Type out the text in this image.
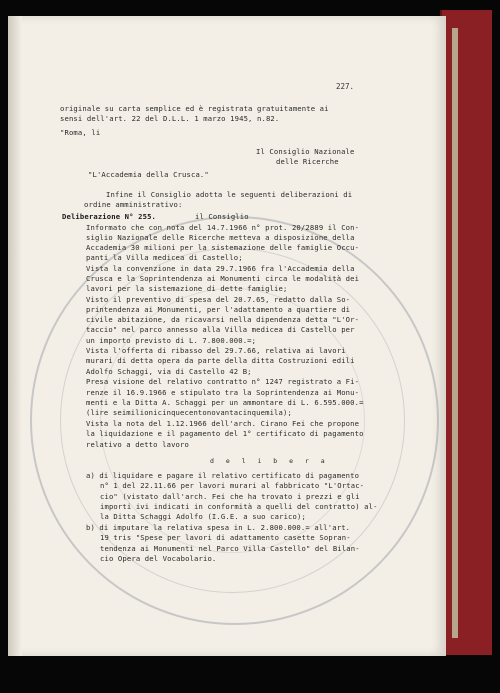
227.
originale su carta semplice ed è registrata gratuitamente ai
sensi dell'art. 22 del D.L.L. 1 marzo 1945, n.82.
"Roma, li
Il Consiglio Nazionale
delle Ricerche
"L'Accademia della Crusca."
Infine il Consiglio adotta le seguenti deliberazioni di
ordine amministrativo:
Deliberazione N° 255.	il Consiglio
Informato che con nota del 14.7.1966 n° prot. 20/2889 il Con-
siglio Nazionale delle Ricerche metteva a disposizione della
Accademia 30 milioni per la sistemazione delle famiglie Occu-
panti la Villa medicea di Castello;
Vista la convenzione in data 29.7.1966 fra l'Accademia della
Crusca e la Soprintendenza ai Monumenti circa le modalità dei
lavori per la sistemazione di dette famiglie;
Visto il preventivo di spesa del 20.7.65, redatto dalla So-
printendenza ai Monumenti, per l'adattamento a quartiere di
civile abitazione, da ricavarsi nella dipendenza detta "L'Or-
taccio" nel parco annesso alla Villa medicea di Castello per
un importo previsto di L. 7.800.000.=;
Vista l'offerta di ribasso del 29.7.66, relativa ai lavori
murari di detta opera da parte della ditta Costruzioni edili
Adolfo Schaggi, via di Castello 42 B;
Presa visione del relativo contratto n° 1247 registrato a Fi-
renze il 16.9.1966 e stipulato tra la Soprintendenza ai Monu-
menti e la Ditta A. Schaggi per un ammontare di L. 6.595.000.=
(lire seimilionicinquecentonovantacinquemila);
Vista la nota del 1.12.1966 dell'arch. Cirano Fei che propone
la liquidazione e il pagamento del 1° certificato di pagamento
relativo a detto lavoro
d e l i b e r a
a) di liquidare e pagare il relativo certificato di pagamento
n° 1 del 22.11.66 per lavori murari al fabbricato "L'Ortac-
cio" (vistato dall'arch. Fei che ha trovato i prezzi e gli
importi ivi indicati in conformità a quelli del contratto) al-
la Ditta Schaggi Adolfo (I.G.E. a suo carico);
b) di imputare la relativa spesa in L. 2.800.000.= all'art.
19 tris "Spese per lavori di adattamento casette Sopran-
tendenza ai Monumenti nel Parco Villa Castello" del Bilan-
cio Opera del Vocabolario.
